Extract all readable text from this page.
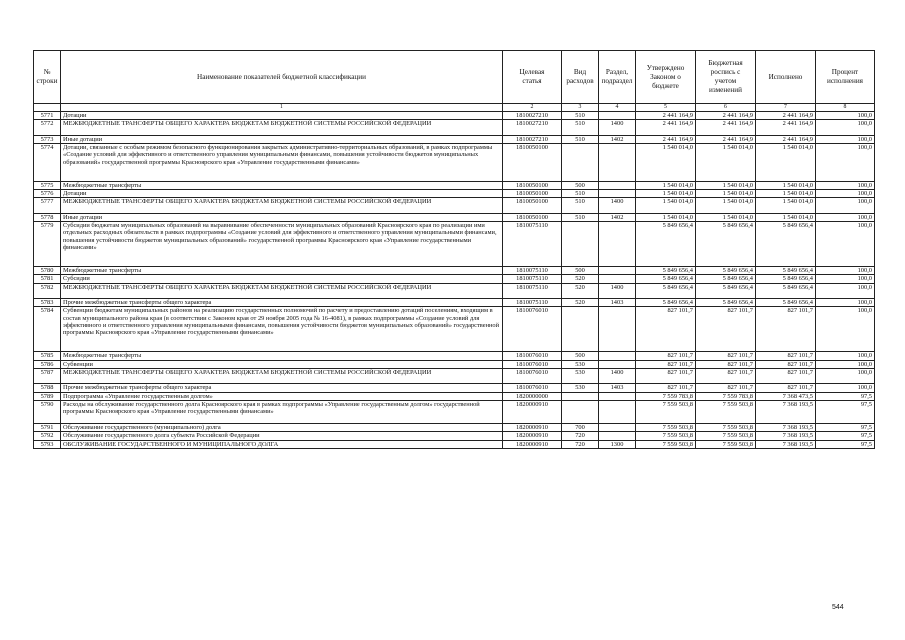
№
строки	Наименование показателей бюджетной классификации	Целевая
статья	Вид
расходов	Раздел,
подраздел	Утверждено
Законом о
бюджете	Бюджетная
роспись с
учетом
изменений	Исполнено	Процент
исполнения
	1	2	3	4	5	6	7	8
5771	Дотации	1810027210	510		2 441 164,9	2 441 164,9	2 441 164,9	100,0
5772	МЕЖБЮДЖЕТНЫЕ ТРАНСФЕРТЫ ОБЩЕГО ХАРАКТЕРА БЮДЖЕТАМ БЮДЖЕТНОЙ СИСТЕМЫ РОССИЙСКОЙ ФЕДЕРАЦИИ	1810027210	510	1400	2 441 164,9	2 441 164,9	2 441 164,9	100,0
5773	Иные дотации	1810027210	510	1402	2 441 164,9	2 441 164,9	2 441 164,9	100,0
5774	Дотации, связанные с особым режимом безопасного функционирования закрытых административно-территориальных образований, в рамках подпрограммы «Создание условий для эффективного и ответственного управления муниципальными финансами, повышения устойчивости бюджетов муниципальных образований» государственной программы Красноярского края «Управление государственными финансами»	1810050100			1 540 014,0	1 540 014,0	1 540 014,0	100,0
5775	Межбюджетные трансферты	1810050100	500		1 540 014,0	1 540 014,0	1 540 014,0	100,0
5776	Дотации	1810050100	510		1 540 014,0	1 540 014,0	1 540 014,0	100,0
5777	МЕЖБЮДЖЕТНЫЕ ТРАНСФЕРТЫ ОБЩЕГО ХАРАКТЕРА БЮДЖЕТАМ БЮДЖЕТНОЙ СИСТЕМЫ РОССИЙСКОЙ ФЕДЕРАЦИИ	1810050100	510	1400	1 540 014,0	1 540 014,0	1 540 014,0	100,0
5778	Иные дотации	1810050100	510	1402	1 540 014,0	1 540 014,0	1 540 014,0	100,0
5779	Субсидии бюджетам муниципальных образований на выравнивание обеспеченности муниципальных образований Красноярского края по реализации ими отдельных расходных обязательств в рамках подпрограммы «Создание условий для эффективного и ответственного управления муниципальными финансами, повышения устойчивости бюджетов муниципальных образований» государственной программы Красноярского края «Управление государственными финансами»	1810075110			5 849 656,4	5 849 656,4	5 849 656,4	100,0
5780	Межбюджетные трансферты	1810075110	500		5 849 656,4	5 849 656,4	5 849 656,4	100,0
5781	Субсидии	1810075110	520		5 849 656,4	5 849 656,4	5 849 656,4	100,0
5782	МЕЖБЮДЖЕТНЫЕ ТРАНСФЕРТЫ ОБЩЕГО ХАРАКТЕРА БЮДЖЕТАМ БЮДЖЕТНОЙ СИСТЕМЫ РОССИЙСКОЙ ФЕДЕРАЦИИ	1810075110	520	1400	5 849 656,4	5 849 656,4	5 849 656,4	100,0
5783	Прочие межбюджетные трансферты общего характера	1810075110	520	1403	5 849 656,4	5 849 656,4	5 849 656,4	100,0
5784	Субвенции бюджетам муниципальных районов на реализацию государственных полномочий по расчету и предоставлению дотаций поселениям, входящим в состав муниципального района края (в соответствии с Законом края от 29 ноября 2005 года № 16-4081), в рамках подпрограммы «Создание условий для эффективного и ответственного управления муниципальными финансами, повышения устойчивости бюджетов муниципальных образований» государственной программы Красноярского края «Управление государственными финансами»	1810076010			827 101,7	827 101,7	827 101,7	100,0
5785	Межбюджетные трансферты	1810076010	500		827 101,7	827 101,7	827 101,7	100,0
5786	Субвенции	1810076010	530		827 101,7	827 101,7	827 101,7	100,0
5787	МЕЖБЮДЖЕТНЫЕ ТРАНСФЕРТЫ ОБЩЕГО ХАРАКТЕРА БЮДЖЕТАМ БЮДЖЕТНОЙ СИСТЕМЫ РОССИЙСКОЙ ФЕДЕРАЦИИ	1810076010	530	1400	827 101,7	827 101,7	827 101,7	100,0
5788	Прочие межбюджетные трансферты общего характера	1810076010	530	1403	827 101,7	827 101,7	827 101,7	100,0
5789	Подпрограмма «Управление государственным долгом»	1820000000			7 559 783,8	7 559 783,8	7 368 473,5	97,5
5790	Расходы на обслуживание государственного долга Красноярского края в рамках подпрограммы «Управление государственным долгом» государственной программы Красноярского края «Управление государственными финансами»	1820000910			7 559 503,8	7 559 503,8	7 368 193,5	97,5
5791	Обслуживание государственного (муниципального) долга	1820000910	700		7 559 503,8	7 559 503,8	7 368 193,5	97,5
5792	Обслуживание государственного долга субъекта Российской Федерации	1820000910	720		7 559 503,8	7 559 503,8	7 368 193,5	97,5
5793	ОБСЛУЖИВАНИЕ ГОСУДАРСТВЕННОГО И МУНИЦИПАЛЬНОГО ДОЛГА	1820000910	720	1300	7 559 503,8	7 559 503,8	7 368 193,5	97,5
544
